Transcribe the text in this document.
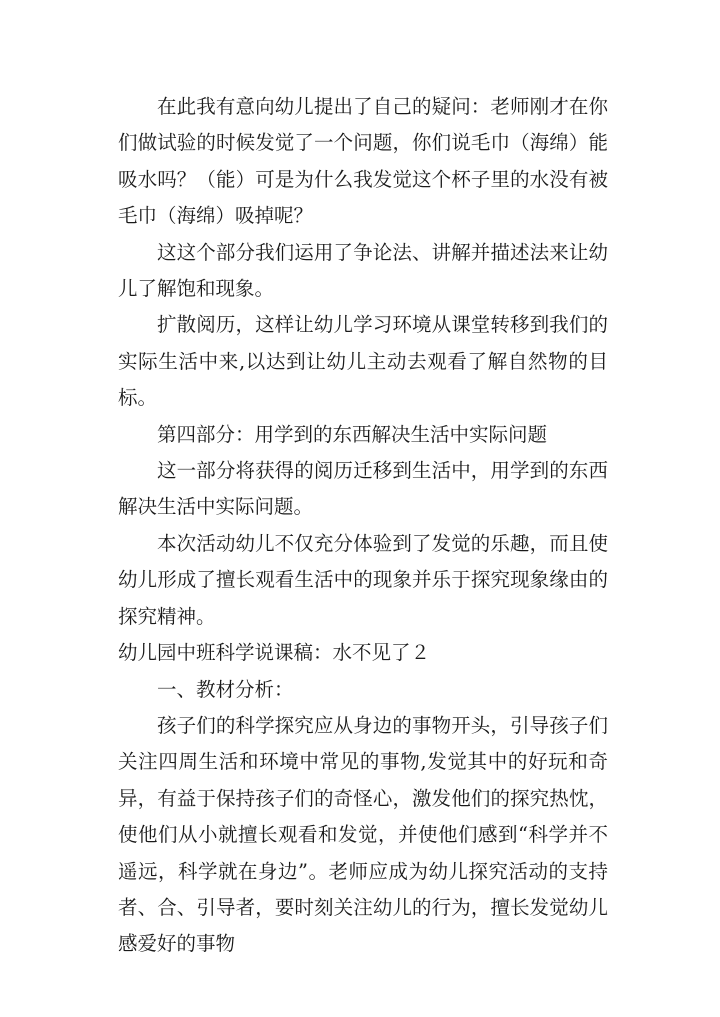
在此我有意向幼儿提出了自己的疑问：老师刚才在你们做试验的时候发觉了一个问题，你们说毛巾（海绵）能吸水吗？（能）可是为什么我发觉这个杯子里的水没有被毛巾（海绵）吸掉呢？

这这个部分我们运用了争论法、讲解并描述法来让幼儿了解饱和现象。

扩散阅历，这样让幼儿学习环境从课堂转移到我们的实际生活中来,以达到让幼儿主动去观看了解自然物的目标。

第四部分：用学到的东西解决生活中实际问题

这一部分将获得的阅历迁移到生活中，用学到的东西解决生活中实际问题。

本次活动幼儿不仅充分体验到了发觉的乐趣，而且使幼儿形成了擅长观看生活中的现象并乐于探究现象缘由的探究精神。

幼儿园中班科学说课稿：水不见了２

一、教材分析：

孩子们的科学探究应从身边的事物开头，引导孩子们关注四周生活和环境中常见的事物,发觉其中的好玩和奇异，有益于保持孩子们的奇怪心，激发他们的探究热忱，使他们从小就擅长观看和发觉，并使他们感到“科学并不遥远，科学就在身边”。老师应成为幼儿探究活动的支持者、合、引导者，要时刻关注幼儿的行为，擅长发觉幼儿感爱好的事物
